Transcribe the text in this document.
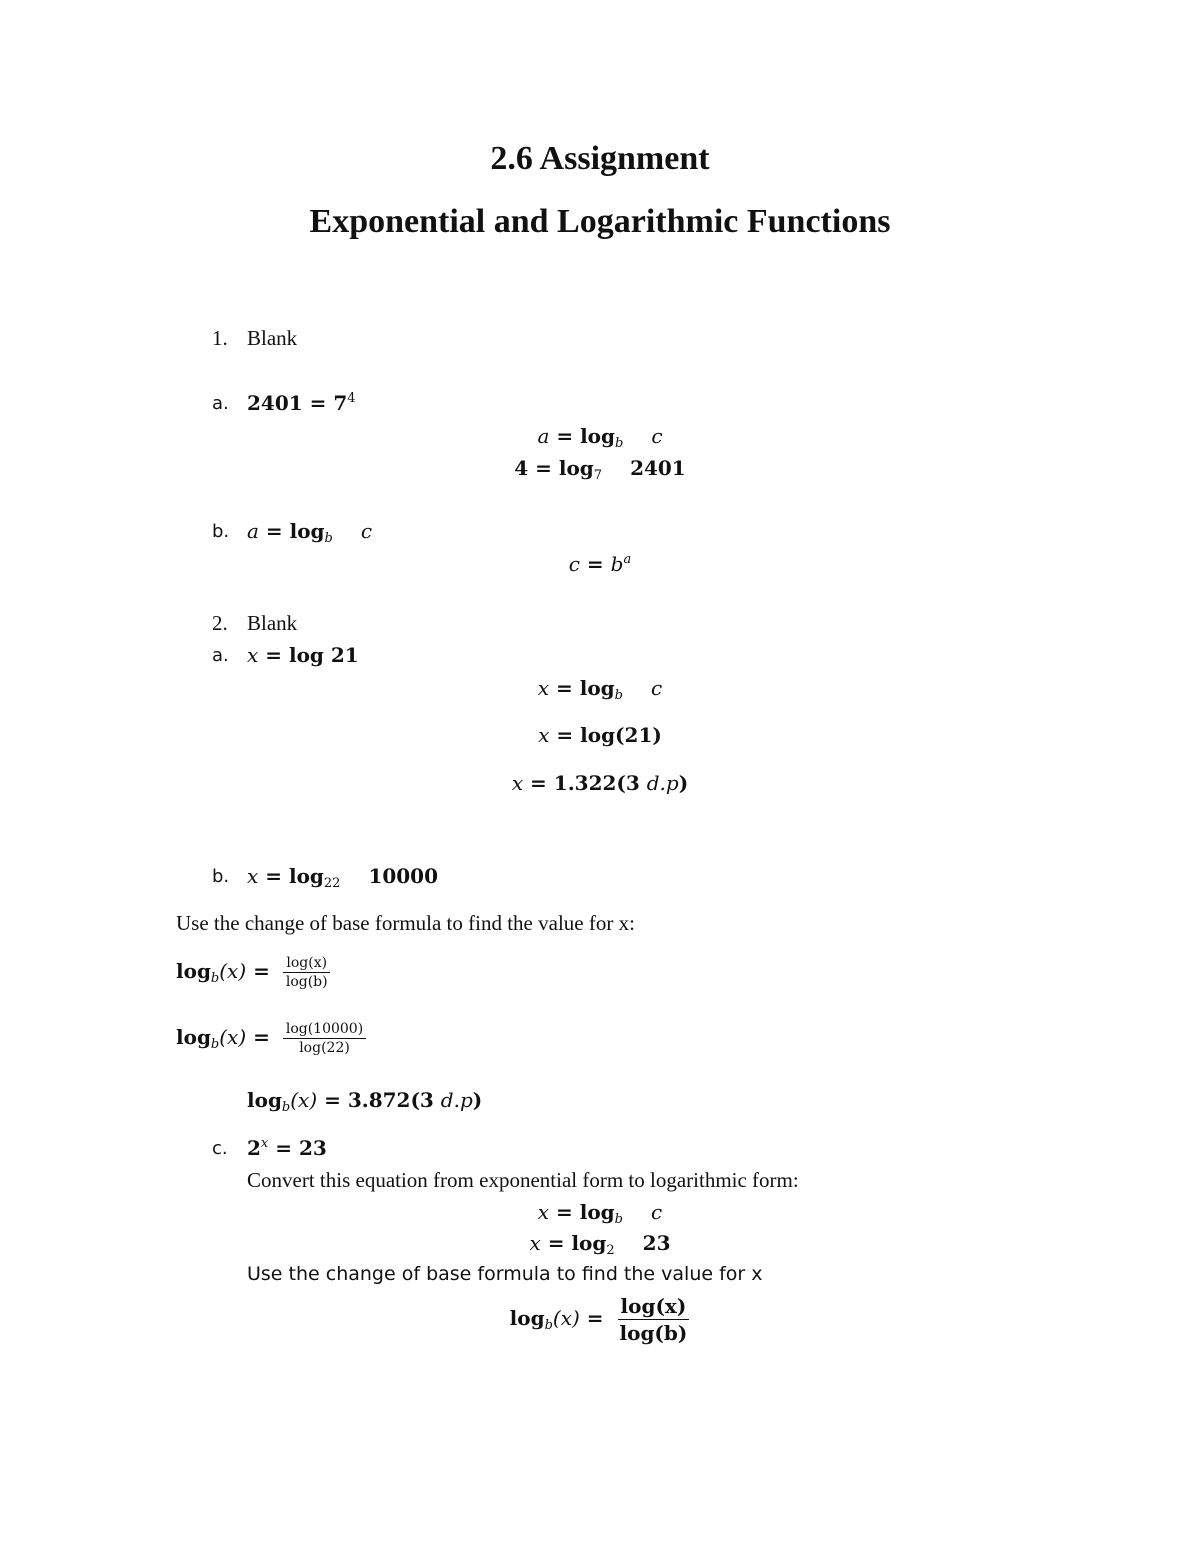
2.6 Assignment
Exponential and Logarithmic Functions
1. Blank
a. $2401 = 7^4$
$a = \log_b c$
$4 = \log_7 2401$
b. $a = \log_b c$
$c = b^a$
2. Blank
a. x = log 21
$x = \log_b c$
x = log(21)
x = 1.322(3 d.p)
b. $x = \log_{22} 10000$
Use the change of base formula to find the value for x:
$\log_b(x) = \frac{\log(x)}{\log(b)}$
$\log_b(x) = \frac{\log(10000)}{\log(22)}$
$\log_b(x) = 3.872(3$ d.p)
c. $2^x = 23$
Convert this equation from exponential form to logarithmic form:
$x = \log_b c$
$x = \log_2 23$
Use the change of base formula to find the value for x
$\log_b(x) = \frac{\log(x)}{\log(b)}$
